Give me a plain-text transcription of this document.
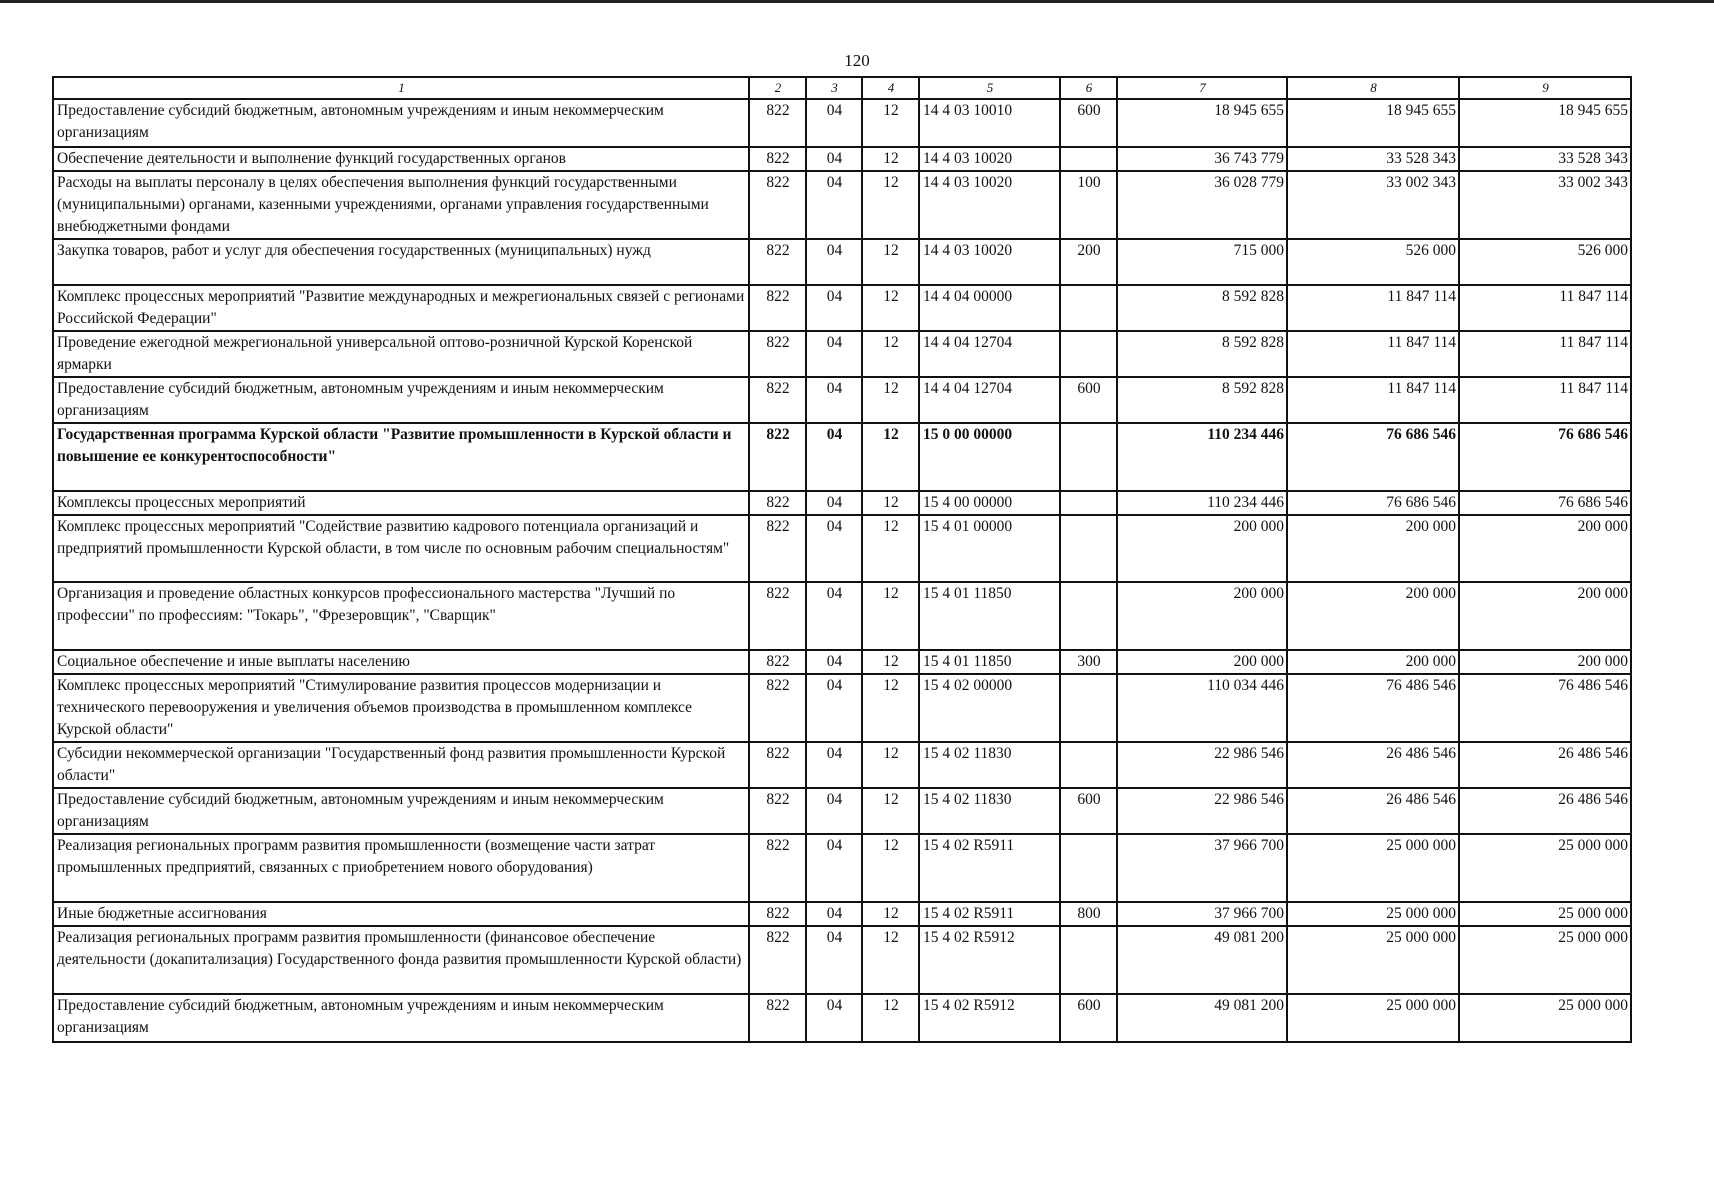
120
1	2	3	4	5	6	7	8	9
Предоставление субсидий бюджетным, автономным учреждениям и иным некоммерческим организациям	822	04	12	14 4 03 10010	600	18 945 655	18 945 655	18 945 655
Обеспечение деятельности и выполнение функций государственных органов	822	04	12	14 4 03 10020		36 743 779	33 528 343	33 528 343
Расходы на выплаты персоналу в целях обеспечения выполнения функций государственными (муниципальными) органами, казенными учреждениями, органами управления государственными внебюджетными фондами	822	04	12	14 4 03 10020	100	36 028 779	33 002 343	33 002 343
Закупка товаров, работ и услуг для обеспечения государственных (муниципальных) нужд	822	04	12	14 4 03 10020	200	715 000	526 000	526 000
Комплекс процессных мероприятий "Развитие международных и межрегиональных связей с регионами Российской Федерации"	822	04	12	14 4 04 00000		8 592 828	11 847 114	11 847 114
Проведение ежегодной межрегиональной универсальной оптово-розничной Курской Коренской ярмарки	822	04	12	14 4 04 12704		8 592 828	11 847 114	11 847 114
Предоставление субсидий бюджетным, автономным учреждениям и иным некоммерческим организациям	822	04	12	14 4 04 12704	600	8 592 828	11 847 114	11 847 114
Государственная программа Курской области "Развитие промышленности в Курской области и повышение ее конкурентоспособности"	822	04	12	15 0 00 00000		110 234 446	76 686 546	76 686 546
Комплексы процессных мероприятий	822	04	12	15 4 00 00000		110 234 446	76 686 546	76 686 546
Комплекс процессных мероприятий "Содействие развитию кадрового потенциала организаций и предприятий промышленности Курской области, в том числе по основным рабочим специальностям"	822	04	12	15 4 01 00000		200 000	200 000	200 000
Организация и проведение областных конкурсов профессионального мастерства "Лучший по профессии" по профессиям: "Токарь", "Фрезеровщик", "Сварщик"	822	04	12	15 4 01 11850		200 000	200 000	200 000
Социальное обеспечение и иные выплаты населению	822	04	12	15 4 01 11850	300	200 000	200 000	200 000
Комплекс процессных мероприятий "Стимулирование развития процессов модернизации и технического перевооружения и увеличения объемов производства в промышленном комплексе Курской области"	822	04	12	15 4 02 00000		110 034 446	76 486 546	76 486 546
Субсидии некоммерческой организации "Государственный фонд развития промышленности Курской области"	822	04	12	15 4 02 11830		22 986 546	26 486 546	26 486 546
Предоставление субсидий бюджетным, автономным учреждениям и иным некоммерческим организациям	822	04	12	15 4 02 11830	600	22 986 546	26 486 546	26 486 546
Реализация региональных программ развития промышленности (возмещение части затрат промышленных предприятий, связанных с приобретением нового оборудования)	822	04	12	15 4 02 R5911		37 966 700	25 000 000	25 000 000
Иные бюджетные ассигнования	822	04	12	15 4 02 R5911	800	37 966 700	25 000 000	25 000 000
Реализация региональных программ развития промышленности (финансовое обеспечение деятельности (докапитализация) Государственного фонда развития промышленности Курской области)	822	04	12	15 4 02 R5912		49 081 200	25 000 000	25 000 000
Предоставление субсидий бюджетным, автономным учреждениям и иным некоммерческим организациям	822	04	12	15 4 02 R5912	600	49 081 200	25 000 000	25 000 000
